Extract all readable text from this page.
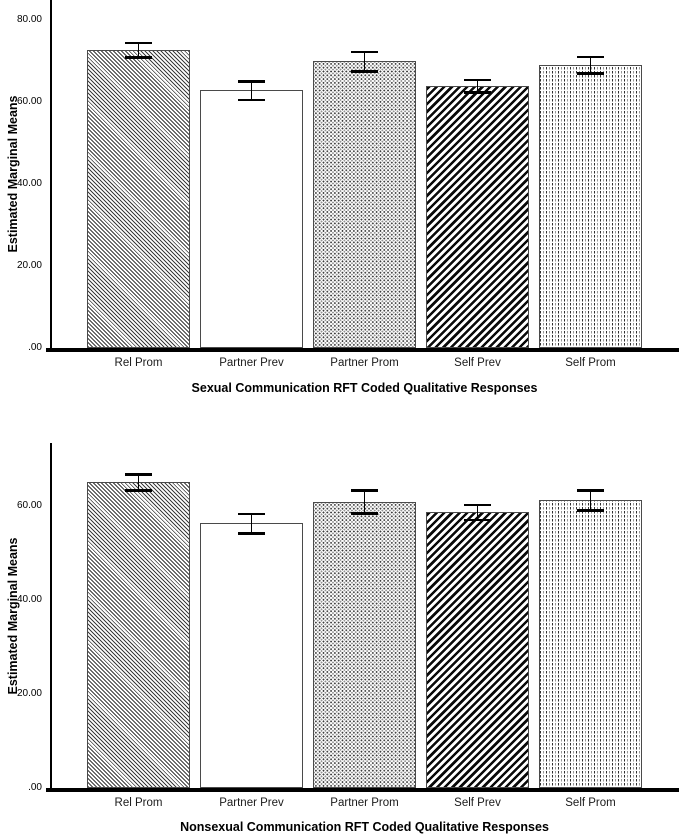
Estimated Marginal Means
.00
20.00
40.00
60.00
80.00
Rel Prom	Partner Prev	Partner Prom	Self Prev	Self Prom
Sexual Communication RFT Coded Qualitative Responses
Estimated Marginal Means
.00
20.00
40.00
60.00
Rel Prom	Partner Prev	Partner Prom	Self Prev	Self Prom
Nonsexual Communication RFT Coded Qualitative Responses
